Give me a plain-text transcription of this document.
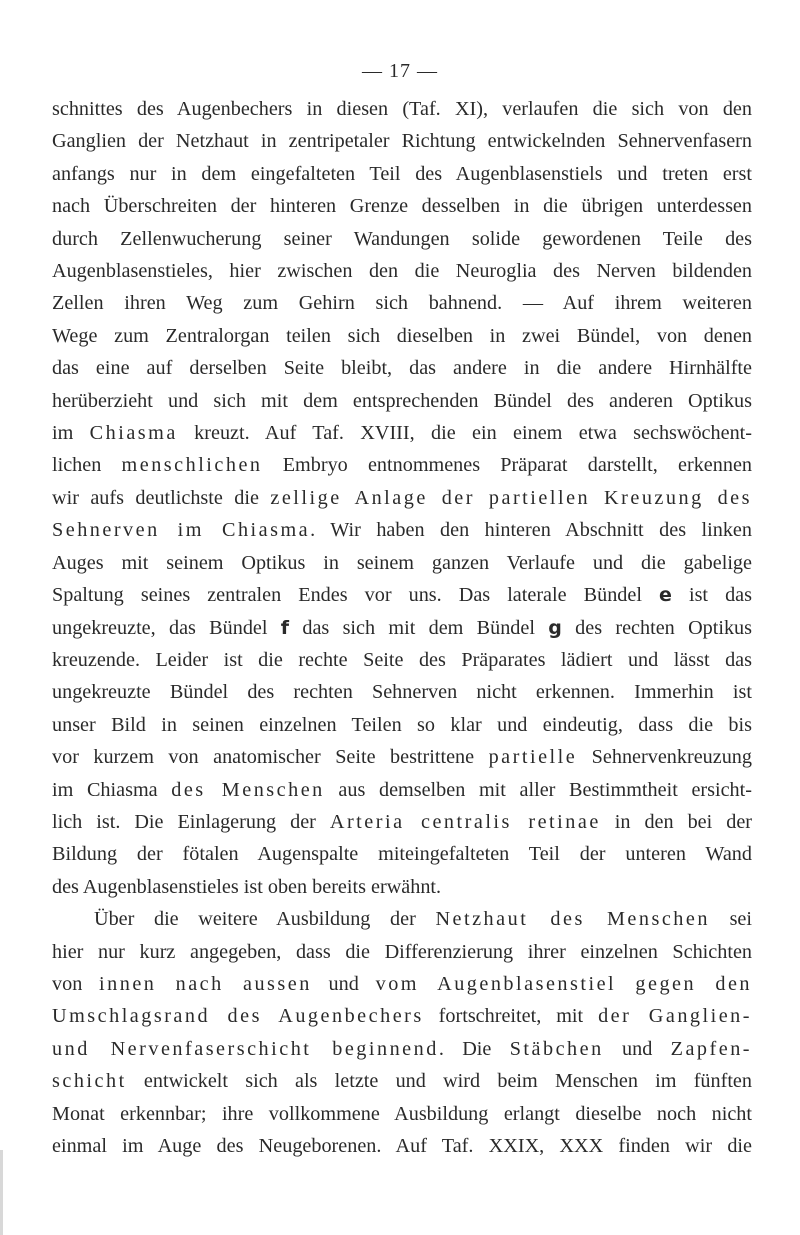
— 17 —
schnittes des Augenbechers in diesen (Taf. XI), verlaufen die sich von den
Ganglien der Netzhaut in zentripetaler Richtung entwickelnden Sehnervenfasern
anfangs nur in dem eingefalteten Teil des Augenblasenstiels und treten erst
nach Überschreiten der hinteren Grenze desselben in die übrigen unterdessen
durch Zellenwucherung seiner Wandungen solide gewordenen Teile des
Augenblasenstieles, hier zwischen den die Neuroglia des Nerven bildenden
Zellen ihren Weg zum Gehirn sich bahnend. — Auf ihrem weiteren
Wege zum Zentralorgan teilen sich dieselben in zwei Bündel, von denen
das eine auf derselben Seite bleibt, das andere in die andere Hirnhälfte
herüberzieht und sich mit dem entsprechenden Bündel des anderen Optikus
im Chiasma kreuzt. Auf Taf. XVIII, die ein einem etwa sechswöchent-
lichen menschlichen Embryo entnommenes Präparat darstellt, erkennen
wir aufs deutlichste die zellige Anlage der partiellen Kreuzung des
Sehnerven im Chiasma. Wir haben den hinteren Abschnitt des linken
Auges mit seinem Optikus in seinem ganzen Verlaufe und die gabelige
Spaltung seines zentralen Endes vor uns. Das laterale Bündel e ist das
ungekreuzte, das Bündel f das sich mit dem Bündel g des rechten Optikus
kreuzende. Leider ist die rechte Seite des Präparates lädiert und lässt das
ungekreuzte Bündel des rechten Sehnerven nicht erkennen. Immerhin ist
unser Bild in seinen einzelnen Teilen so klar und eindeutig, dass die bis
vor kurzem von anatomischer Seite bestrittene partielle Sehnervenkreuzung
im Chiasma des Menschen aus demselben mit aller Bestimmtheit ersicht-
lich ist. Die Einlagerung der Arteria centralis retinae in den bei der
Bildung der fötalen Augenspalte miteingefalteten Teil der unteren Wand
des Augenblasenstieles ist oben bereits erwähnt.
Über die weitere Ausbildung der Netzhaut des Menschen sei
hier nur kurz angegeben, dass die Differenzierung ihrer einzelnen Schichten
von innen nach aussen und vom Augenblasenstiel gegen den
Umschlagsrand des Augenbechers fortschreitet, mit der Ganglien-
und Nervenfaserschicht beginnend. Die Stäbchen und Zapfen-
schicht entwickelt sich als letzte und wird beim Menschen im fünften
Monat erkennbar; ihre vollkommene Ausbildung erlangt dieselbe noch nicht
einmal im Auge des Neugeborenen. Auf Taf. XXIX, XXX finden wir die
